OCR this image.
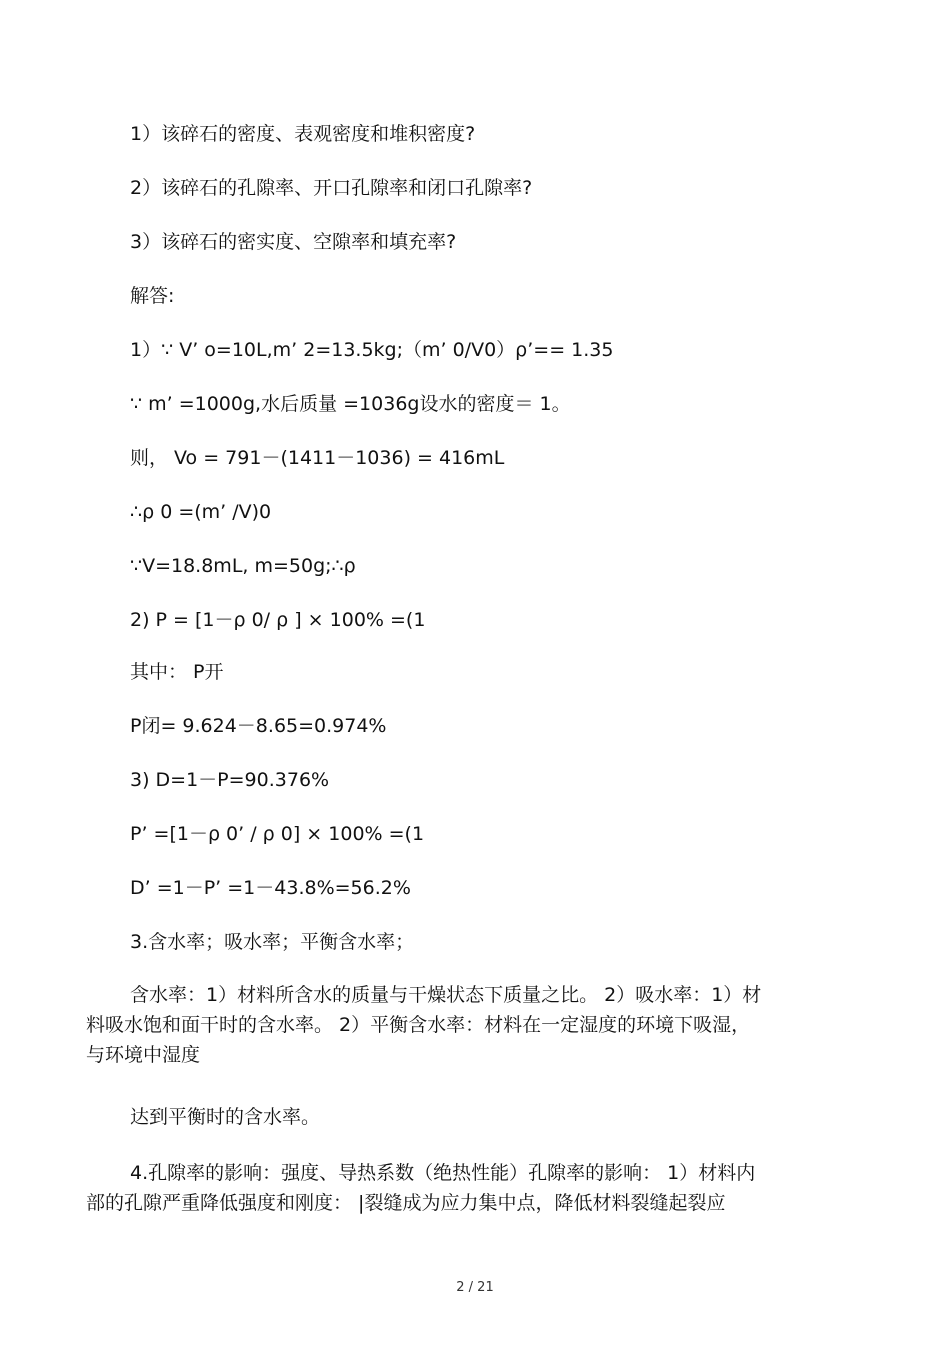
1）该碎石的密度、表观密度和堆积密度?
2）该碎石的孔隙率、开口孔隙率和闭口孔隙率?
3）该碎石的密实度、空隙率和填充率?
解答:
1）∵ V’ o=10L,m’ 2=13.5kg;（m’ 0/V0）ρ’== 1.35
∵ m’ =1000g,水后质量 =1036g设水的密度＝ 1。
则， Vo = 791－(1411－1036) = 416mL
∴ρ 0 =(m’ /V)0
∵V=18.8mL, m=50g;∴ρ
2) P = [1－ρ 0/ ρ ] × 100% =(1
其中： P开
P闭= 9.624－8.65=0.974%
3) D=1－P=90.376%
P’ =[1－ρ 0’ / ρ 0] × 100% =(1
D’ =1－P’ =1－43.8%=56.2%
3.含水率；吸水率；平衡含水率；
含水率：1）材料所含水的质量与干燥状态下质量之比。 2）吸水率：1）材
料吸水饱和面干时的含水率。 2）平衡含水率：材料在一定湿度的环境下吸湿，
与环境中湿度
达到平衡时的含水率。
4.孔隙率的影响：强度、导热系数（绝热性能）孔隙率的影响： 1）材料内
部的孔隙严重降低强度和刚度： |裂缝成为应力集中点，降低材料裂缝起裂应
2 / 21
